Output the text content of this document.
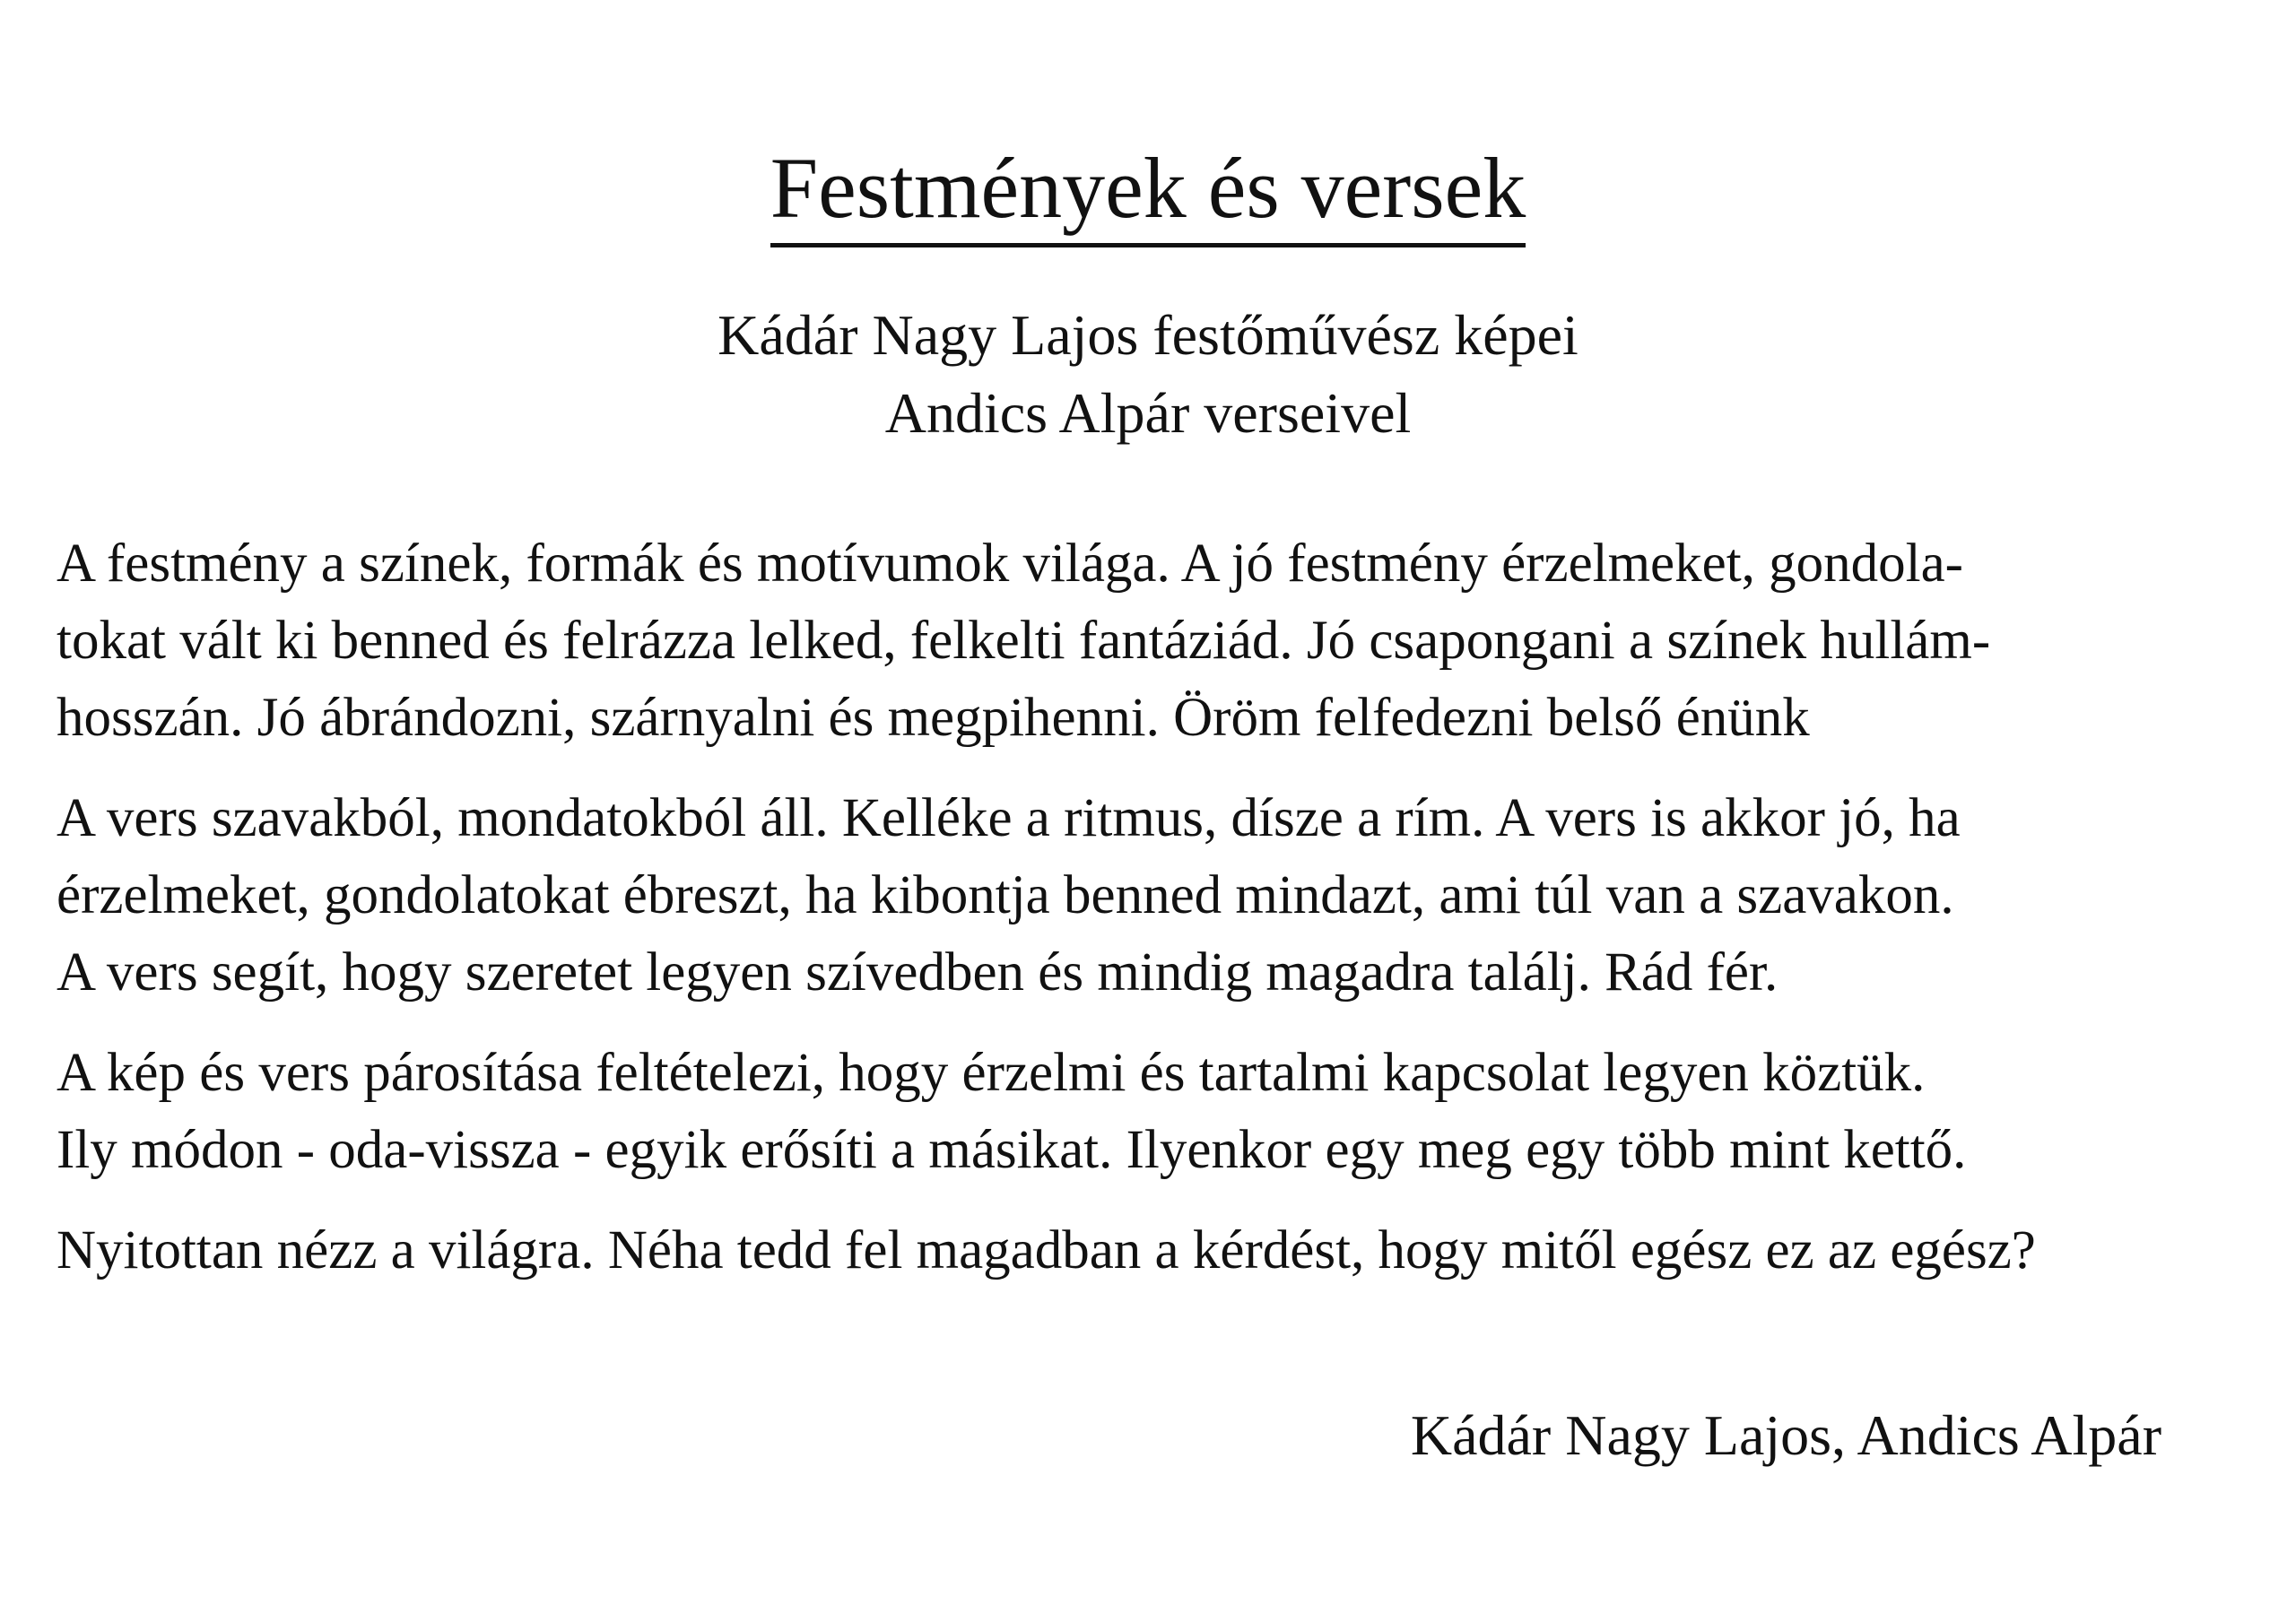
Festmények és versek
Kádár Nagy Lajos festőművész képei
Andics Alpár verseivel

A festmény a színek, formák és motívumok világa. A jó festmény érzelmeket, gondola-
tokat vált ki benned és felrázza lelked, felkelti fantáziád. Jó csapongani a színek hullám-
hosszán. Jó ábrándozni, szárnyalni és megpihenni. Öröm felfedezni belső énünk

A vers szavakból, mondatokból áll. Kelléke a ritmus, dísze a rím. A vers is akkor jó, ha
érzelmeket, gondolatokat ébreszt, ha kibontja benned mindazt, ami túl van a szavakon.
A vers segít, hogy szeretet legyen szívedben és mindig magadra találj. Rád fér.

A kép és vers párosítása feltételezi, hogy érzelmi és tartalmi kapcsolat legyen köztük.
Ily módon - oda-vissza - egyik erősíti a másikat. Ilyenkor egy meg egy több mint kettő.

Nyitottan nézz a világra. Néha tedd fel magadban a kérdést, hogy mitől egész ez az egész?

Kádár Nagy Lajos, Andics Alpár
